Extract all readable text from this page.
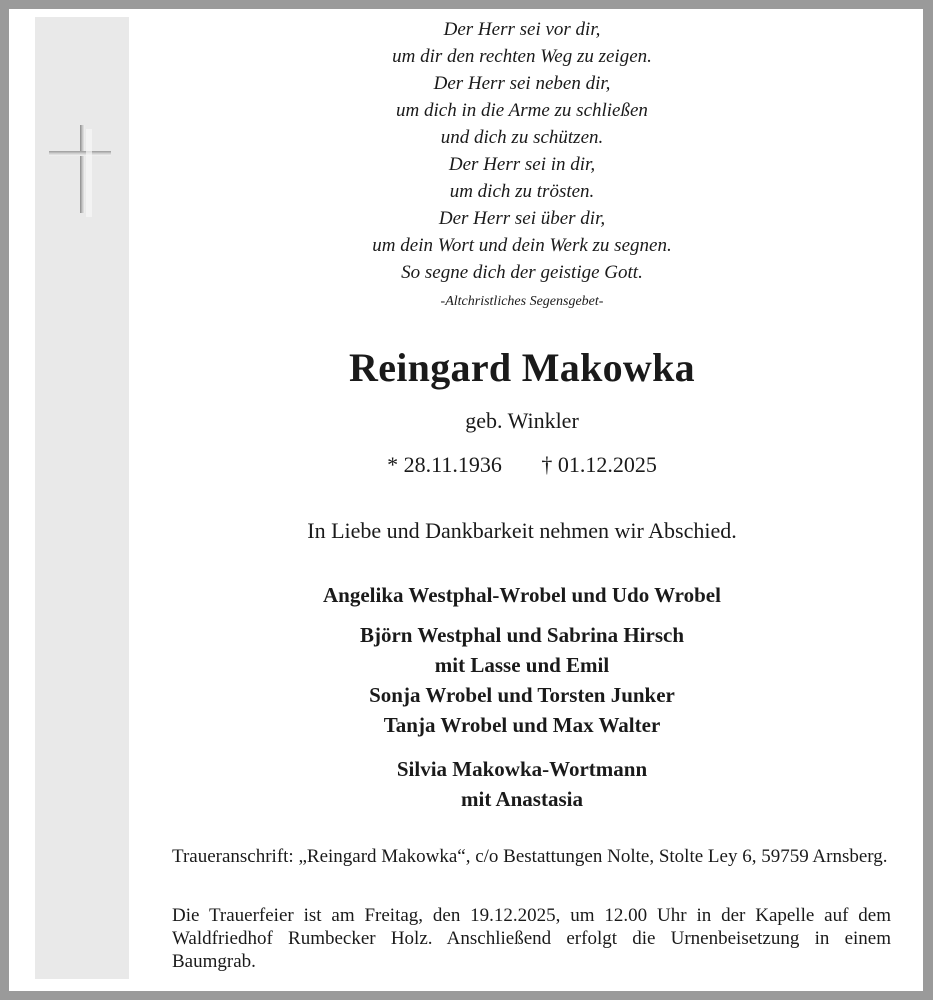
Der Herr sei vor dir,
um dir den rechten Weg zu zeigen.
Der Herr sei neben dir,
um dich in die Arme zu schließen
und dich zu schützen.
Der Herr sei in dir,
um dich zu trösten.
Der Herr sei über dir,
um dein Wort und dein Werk zu segnen.
So segne dich der geistige Gott.
-Altchristliches Segensgebet-
Reingard Makowka
geb. Winkler
* 28.11.1936 † 01.12.2025
In Liebe und Dankbarkeit nehmen wir Abschied.
Angelika Westphal-Wrobel und Udo Wrobel
Björn Westphal und Sabrina Hirsch
mit Lasse und Emil
Sonja Wrobel und Torsten Junker
Tanja Wrobel und Max Walter
Silvia Makowka-Wortmann
mit Anastasia
Traueranschrift: „Reingard Makowka“, c/o Bestattungen Nolte, Stolte Ley 6, 59759 Arnsberg.
Die Trauerfeier ist am Freitag, den 19.12.2025, um 12.00 Uhr in der Kapelle auf dem Waldfriedhof Rumbecker Holz. Anschließend erfolgt die Urnenbeisetzung in einem Baumgrab.
